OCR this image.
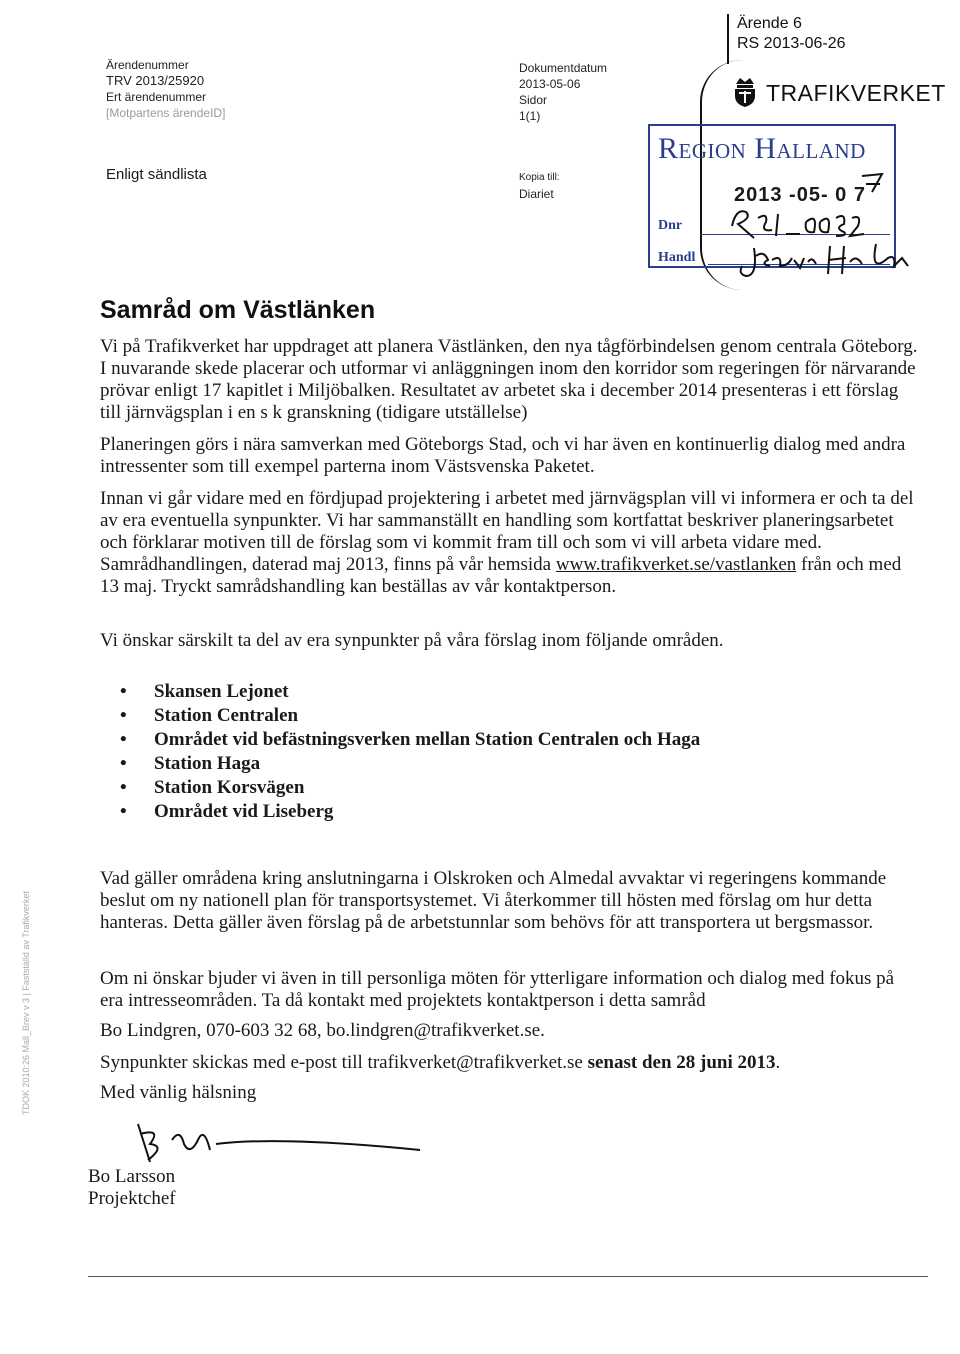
Ärendenummer
TRV 2013/25920
Ert ärendenummer
[Motpartens ärendeID]
Enligt sändlista
Dokumentdatum
2013-05-06
Sidor
1(1)
Kopia till:
Diariet
Ärende 6
RS 2013-06-26
TRAFIKVERKET
Region Halland
2013 -05- 0 7
Dnr
Handl
Samråd om Västlänken

Vi på Trafikverket har uppdraget att planera Västlänken, den nya tågförbindelsen genom centrala Göteborg. I nuvarande skede placerar och utformar vi anläggningen inom den korridor som regeringen för närvarande prövar enligt 17 kapitlet i Miljöbalken. Resultatet av arbetet ska i december 2014 presenteras i ett förslag till järnvägsplan i en s k granskning (tidigare utställelse)

Planeringen görs i nära samverkan med Göteborgs Stad, och vi har även en kontinuerlig dialog med andra intressenter som till exempel parterna inom Västsvenska Paketet.

Innan vi går vidare med en fördjupad projektering i arbetet med järnvägsplan vill vi informera er och ta del av era eventuella synpunkter. Vi har sammanställt en handling som kortfattat beskriver planeringsarbetet och förklarar motiven till de förslag som vi kommit fram till och som vi vill arbeta vidare med. Samrådhandlingen, daterad maj 2013, finns på vår hemsida www.trafikverket.se/vastlanken från och med 13 maj. Tryckt samrådshandling kan beställas av vår kontaktperson.

Vi önskar särskilt ta del av era synpunkter på våra förslag inom följande områden.

• Skansen Lejonet
• Station Centralen
• Området vid befästningsverken mellan Station Centralen och Haga
• Station Haga
• Station Korsvägen
• Området vid Liseberg

Vad gäller områdena kring anslutningarna i Olskroken och Almedal avvaktar vi regeringens kommande beslut om ny nationell plan för transportsystemet. Vi återkommer till hösten med förslag om hur detta hanteras. Detta gäller även förslag på de arbetstunnlar som behövs för att transportera ut bergsmassor.

Om ni önskar bjuder vi även in till personliga möten för ytterligare information och dialog med fokus på era intresseområden. Ta då kontakt med projektets kontaktperson i detta samråd

Bo Lindgren, 070-603 32 68, bo.lindgren@trafikverket.se.

Synpunkter skickas med e-post till trafikverket@trafikverket.se senast den 28 juni 2013.

Med vänlig hälsning

Bo Larsson
Projektchef
TDOK 2010:26 Mall_Brev v 3 | Fastställd av Trafikverket
